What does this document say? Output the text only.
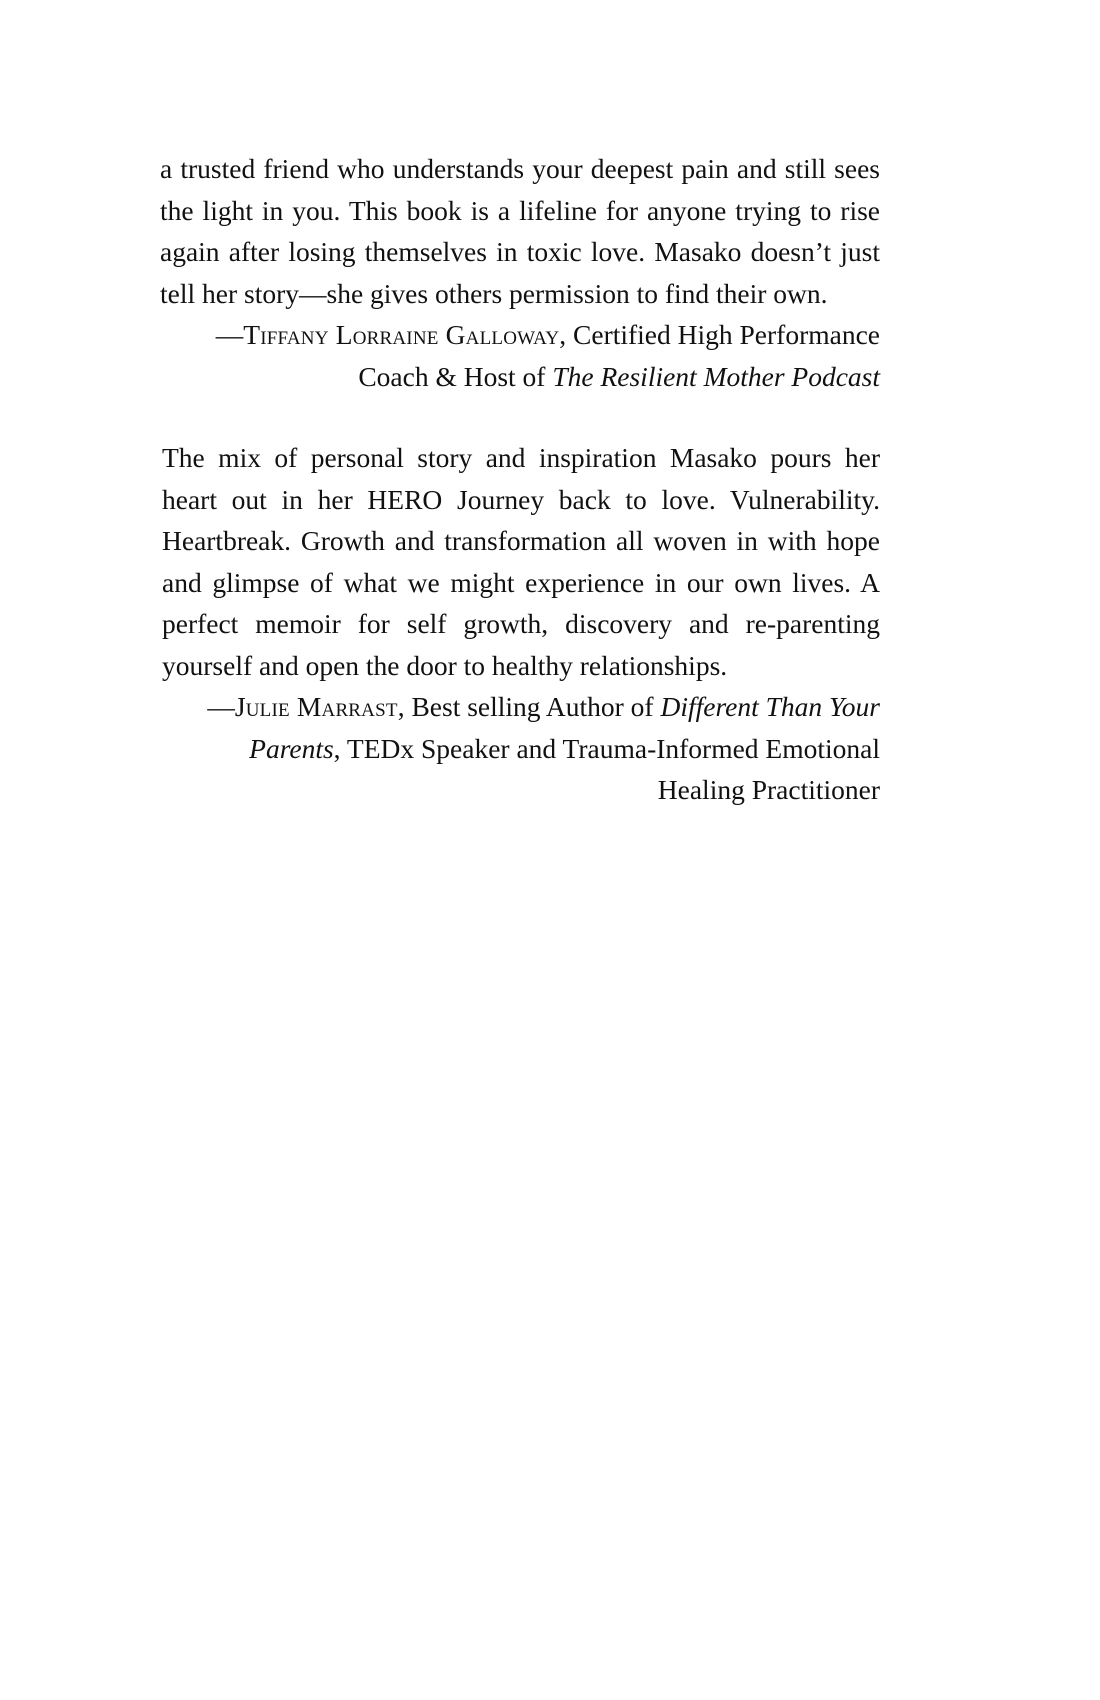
a trusted friend who understands your deepest pain and still sees the light in you. This book is a lifeline for anyone trying to rise again after losing themselves in toxic love. Masako doesn’t just tell her story—she gives others permission to find their own.

—Tiffany Lorraine Galloway, Certified High Performance Coach & Host of The Resilient Mother Podcast

The mix of personal story and inspiration Masako pours her heart out in her HERO Journey back to love. Vulnerability. Heartbreak. Growth and transformation all woven in with hope and glimpse of what we might experience in our own lives. A perfect memoir for self growth, discovery and re-parenting yourself and open the door to healthy relationships.

—Julie Marrast, Best selling Author of Different Than Your Parents, TEDx Speaker and Trauma-Informed Emotional Healing Practitioner
